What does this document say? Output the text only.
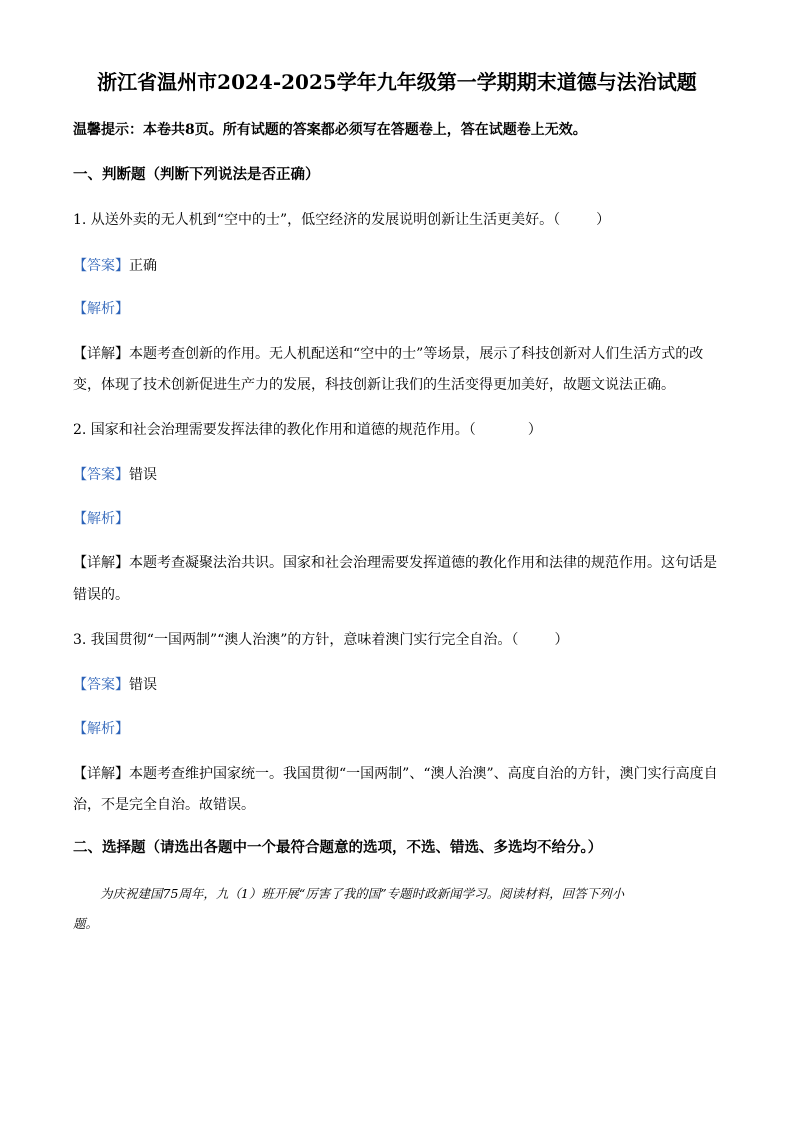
浙江省温州市2024-2025学年九年级第一学期期末道德与法治试题
温馨提示：本卷共8页。所有试题的答案都必须写在答题卷上，答在试题卷上无效。
一、判断题（判断下列说法是否正确）
1. 从送外卖的无人机到“空中的士”，低空经济的发展说明创新让生活更美好。（	）
【答案】正确
【解析】
【详解】本题考查创新的作用。无人机配送和“空中的士”等场景，展示了科技创新对人们生活方式的改
变，体现了技术创新促进生产力的发展，科技创新让我们的生活变得更加美好，故题文说法正确。
2. 国家和社会治理需要发挥法律的教化作用和道德的规范作用。（	）
【答案】错误
【解析】
【详解】本题考查凝聚法治共识。国家和社会治理需要发挥道德的教化作用和法律的规范作用。这句话是
错误的。
3. 我国贯彻“一国两制”“澳人治澳”的方针，意味着澳门实行完全自治。（	）
【答案】错误
【解析】
【详解】本题考查维护国家统一。我国贯彻“一国两制”、“澳人治澳”、高度自治的方针，澳门实行高度自
治，不是完全自治。故错误。
二、选择题（请选出各题中一个最符合题意的选项，不选、错选、多选均不给分。）
为庆祝建国75周年，九（1）班开展“厉害了我的国”专题时政新闻学习。阅读材料，回答下列小
题。
